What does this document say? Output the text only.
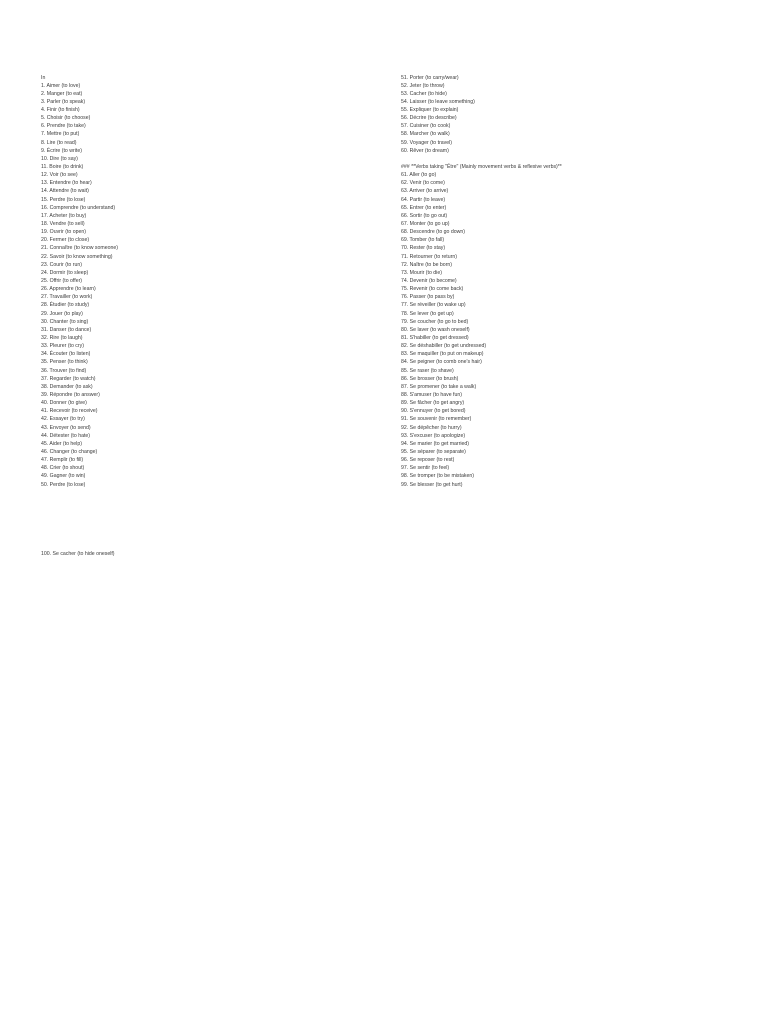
In
1. Aimer (to love)
2. Manger (to eat)
3. Parler (to speak)
4. Finir (to finish)
5. Choisir (to choose)
6. Prendre (to take)
7. Mettre (to put)
8. Lire (to read)
9. Écrire (to write)
10. Dire (to say)
11. Boire (to drink)
12. Voir (to see)
13. Entendre (to hear)
14. Attendre (to wait)
15. Perdre (to lose)
16. Comprendre (to understand)
17. Acheter (to buy)
18. Vendre (to sell)
19. Ouvrir (to open)
20. Fermer (to close)
21. Connaître (to know someone)
22. Savoir (to know something)
23. Courir (to run)
24. Dormir (to sleep)
25. Offrir (to offer)
26. Apprendre (to learn)
27. Travailler (to work)
28. Étudier (to study)
29. Jouer (to play)
30. Chanter (to sing)
31. Danser (to dance)
32. Rire (to laugh)
33. Pleurer (to cry)
34. Écouter (to listen)
35. Penser (to think)
36. Trouver (to find)
37. Regarder (to watch)
38. Demander (to ask)
39. Répondre (to answer)
40. Donner (to give)
41. Recevoir (to receive)
42. Essayer (to try)
43. Envoyer (to send)
44. Détester (to hate)
45. Aider (to help)
46. Changer (to change)
47. Remplir (to fill)
48. Crier (to shout)
49. Gagner (to win)
50. Perdre (to lose)
51. Porter (to carry/wear)
52. Jeter (to throw)
53. Cacher (to hide)
54. Laisser (to leave something)
55. Expliquer (to explain)
56. Décrire (to describe)
57. Cuisiner (to cook)
58. Marcher (to walk)
59. Voyager (to travel)
60. Rêver (to dream)
### **Verbs taking "Être" (Mainly movement verbs & reflexive verbs)**
61. Aller (to go)
62. Venir (to come)
63. Arriver (to arrive)
64. Partir (to leave)
65. Entrer (to enter)
66. Sortir (to go out)
67. Monter (to go up)
68. Descendre (to go down)
69. Tomber (to fall)
70. Rester (to stay)
71. Retourner (to return)
72. Naître (to be born)
73. Mourir (to die)
74. Devenir (to become)
75. Revenir (to come back)
76. Passer (to pass by)
77. Se réveiller (to wake up)
78. Se lever (to get up)
79. Se coucher (to go to bed)
80. Se laver (to wash oneself)
81. S'habiller (to get dressed)
82. Se déshabiller (to get undressed)
83. Se maquiller (to put on makeup)
84. Se peigner (to comb one's hair)
85. Se raser (to shave)
86. Se brosser (to brush)
87. Se promener (to take a walk)
88. S'amuser (to have fun)
89. Se fâcher (to get angry)
90. S'ennuyer (to get bored)
91. Se souvenir (to remember)
92. Se dépêcher (to hurry)
93. S'excuser (to apologize)
94. Se marier (to get married)
95. Se séparer (to separate)
96. Se reposer (to rest)
97. Se sentir (to feel)
98. Se tromper (to be mistaken)
99. Se blesser (to get hurt)
100. Se cacher (to hide oneself)
